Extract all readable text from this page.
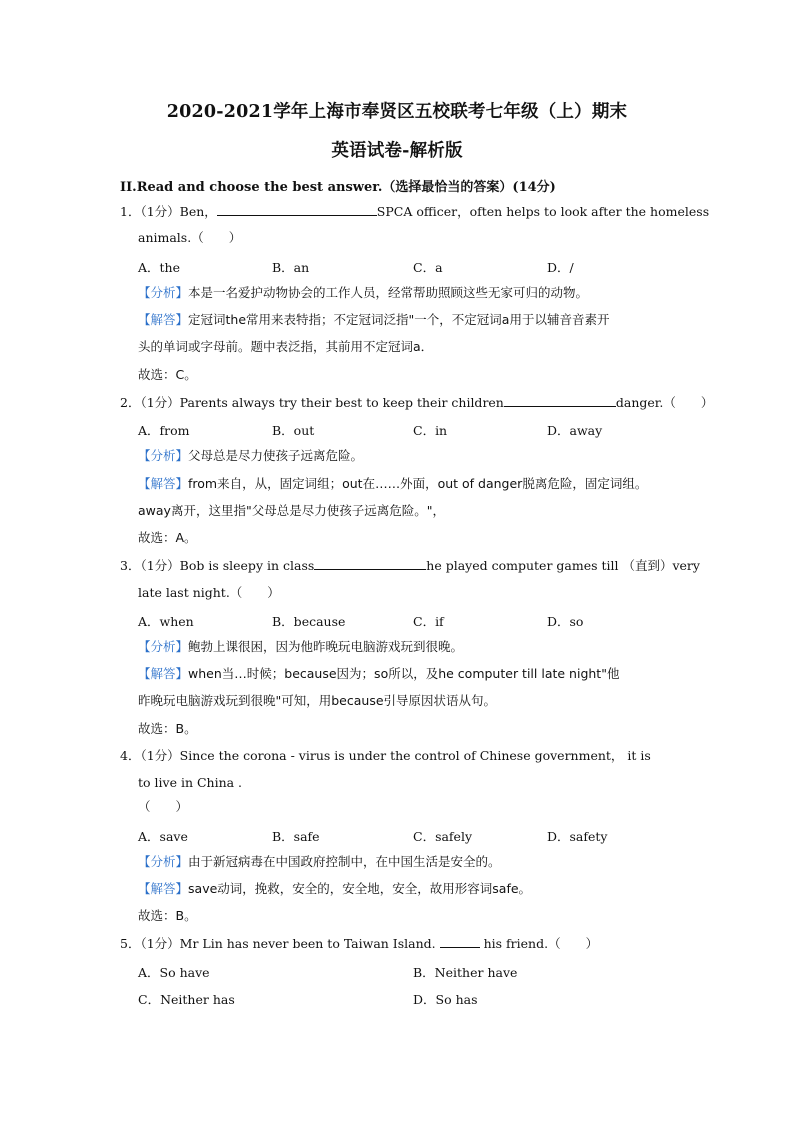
2020-2021学年上海市奉贤区五校联考七年级（上）期末
英语试卷-解析版
II.Read and choose the best answer.（选择最恰当的答案）(14分)
1．（1分）Ben，	SPCA officer，often helps to look after the homeless
animals.（　　）
A．the	B．an	C．a	D．/
【分析】本是一名爱护动物协会的工作人员，经常帮助照顾这些无家可归的动物。
【解答】定冠词the常用来表特指；不定冠词泛指"一个，不定冠词a用于以辅音音素开
头的单词或字母前。题中表泛指，其前用不定冠词a．
故选：C。
2．（1分）Parents always try their best to keep their children	danger.（　　）
A．from	B．out	C．in	D．away
【分析】父母总是尽力使孩子远离危险。
【解答】from来自，从，固定词组；out在……外面，out of danger脱离危险，固定词组。
away离开，这里指"父母总是尽力使孩子远离危险。"，
故选：A。
3．（1分）Bob is sleepy in class	he played computer games till （直到）very
late last night.（　　）
A．when	B．because	C．if	D．so
【分析】鲍勃上课很困，因为他昨晚玩电脑游戏玩到很晚。
【解答】when当…时候；because因为；so所以，及he computer till late night"他
昨晚玩电脑游戏玩到很晚"可知，用because引导原因状语从句。
故选：B。
4．（1分）Since the corona - virus is under the control of Chinese government， it is
to live in China .
（　　）
A．save	B．safe	C．safely	D．safety
【分析】由于新冠病毒在中国政府控制中，在中国生活是安全的。
【解答】save动词，挽救，安全的，安全地，安全，故用形容词safe。
故选：B。
5．（1分）Mr Lin has never been to Taiwan Island.	his friend.（　　）
A．So have	B．Neither have
C．Neither has	D．So has
